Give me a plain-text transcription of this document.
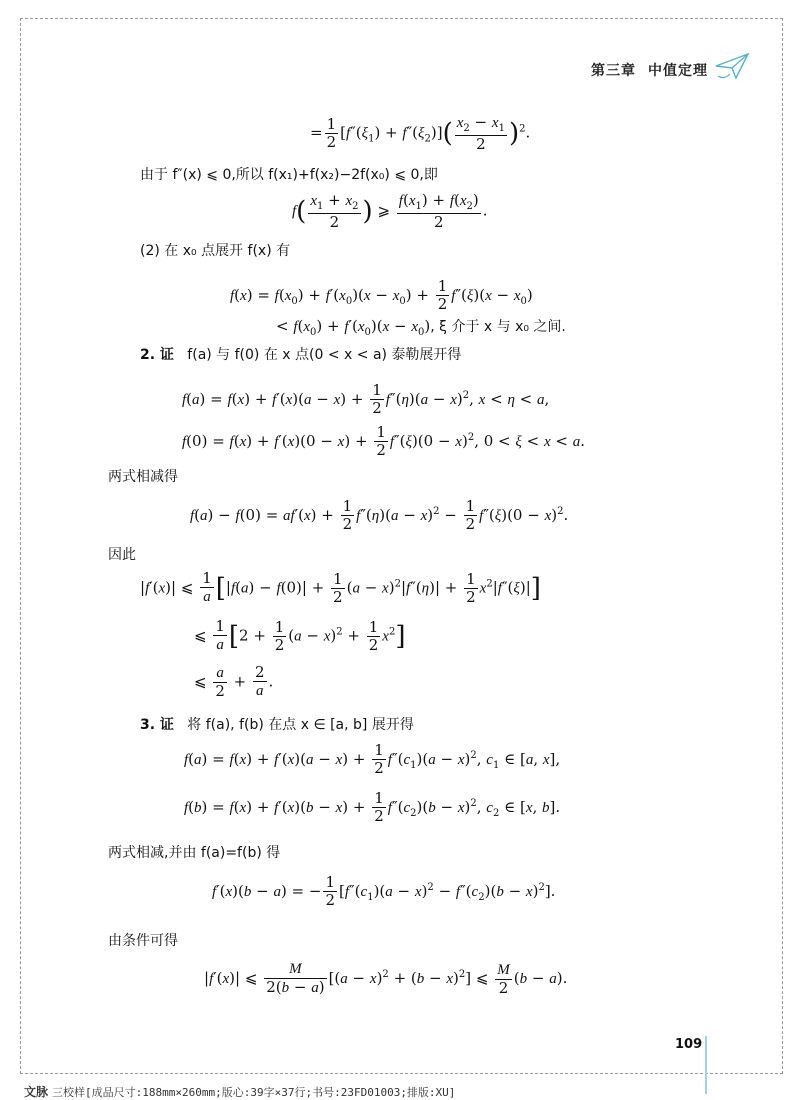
第三章 中值定理
= $\frac{1}{2} [f''(\xi_1) + f''(\xi_2)]( \frac{x_2 - x_1}{2} )^2$.
由于 f″(x) ⩽ 0,所以 f(x₁)+f(x₂)−2f(x₀) ⩽ 0,即
$f( \frac{x_1 + x_2}{2}$ ) ⩾ $\frac{f(x_1) + f(x_2)}{2}$ .
(2) 在 x₀ 点展开 f(x) 有
$f(x) = f(x_0) + f'(x_0)(x - x_0) + \frac{1}{2} f''(\xi)(x - x_0)$
< $f(x_0) + f'(x_0)(x - x_0)$, ξ 介于 x 与 x₀ 之间.
2. 证 f(a) 与 f(0) 在 x 点(0 < x < a) 泰勒展开得
$f(a) = f(x) + f'(x)(a - x) + \frac{1}{2} f''(\eta)(a - x)^2$, x < η < a,
$f(0) = f(x) + f'(x)(0 - x) + \frac{1}{2} f''(\xi)(0 - x)^2$, 0 < ξ < x < a.
两式相减得
$f(a) - f(0) = af'(x) + \frac{1}{2} f''(\eta)(a - x)^2 - \frac{1}{2} f''(\xi)(0 - x)^2$.
因此
|f′(x)| ⩽ $\frac{1}{a} [|f(a) - f(0)| + \frac{1}{2} (a - x)^2|f''(\eta)| + \frac{1}{2} x^2|f''(\xi)|]$
⩽ $\frac{1}{a} [2 + \frac{1}{2} (a - x)^2 + \frac{1}{2} x^2]$
⩽ $\frac{a}{2} + \frac{2}{a}$ .
3. 证 将 f(a), f(b) 在点 x ∈ [a, b] 展开得
$f(a) = f(x) + f'(x)(a - x) + \frac{1}{2} f''(c_1)(a - x)^2$, $c_1$ ∈ [a, x],
$f(b) = f(x) + f'(x)(b - x) + \frac{1}{2} f''(c_2)(b - x)^2$, $c_2$ ∈ [x, b].
两式相减,并由 f(a)=f(b) 得
f′(x)(b − a) = − $\frac{1}{2} [f''(c_1)(a - x)^2 - f''(c_2)(b - x)^2]$.
由条件可得
|f′(x)| ⩽ $\frac{M}{2(b - a)} [(a - x)^2 + (b - x)^2]$ ⩽ $\frac{M}{2} (b - a)$.
109
文脉 三校样[成品尺寸:188mm×260mm;版心:39字×37行;书号:23FD01003;排版:XU]
